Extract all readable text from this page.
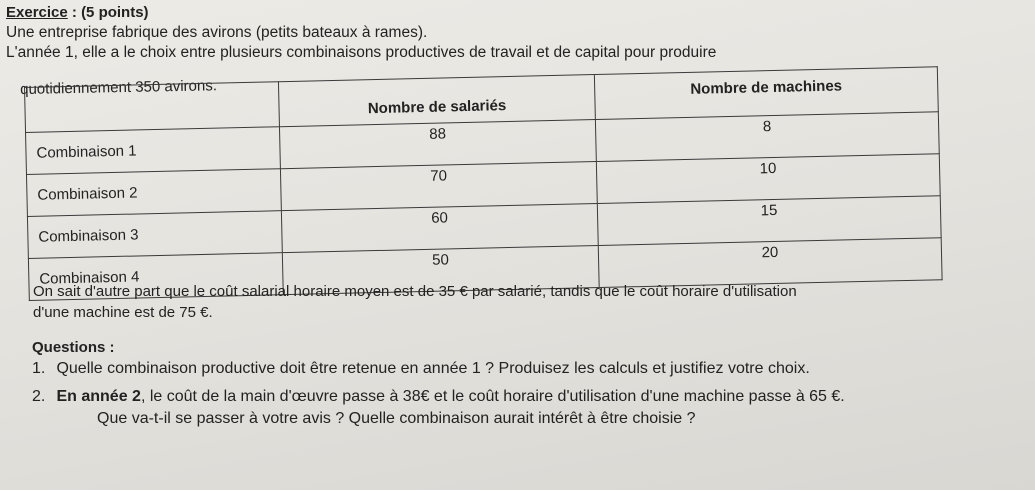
Exercice : (5 points)
Une entreprise fabrique des avirons (petits bateaux à rames).
L'année 1, elle a le choix entre plusieurs combinaisons productives de travail et de capital pour produire
quotidiennement 350 avirons.

	Nombre de salariés	Nombre de machines

Combinaison 1	88	8

Combinaison 2	70	10

Combinaison 3	60	15

Combinaison 4	50	20
On sait d'autre part que le coût salarial horaire moyen est de 35 € par salarié, tandis que le coût horaire d'utilisation
d'une machine est de 75 €.
Questions :
1. Quelle combinaison productive doit être retenue en année 1 ? Produisez les calculs et justifiez votre choix.
2. En année 2, le coût de la main d'œuvre passe à 38€ et le coût horaire d'utilisation d'une machine passe à 65 €.
Que va-t-il se passer à votre avis ? Quelle combinaison aurait intérêt à être choisie ?
